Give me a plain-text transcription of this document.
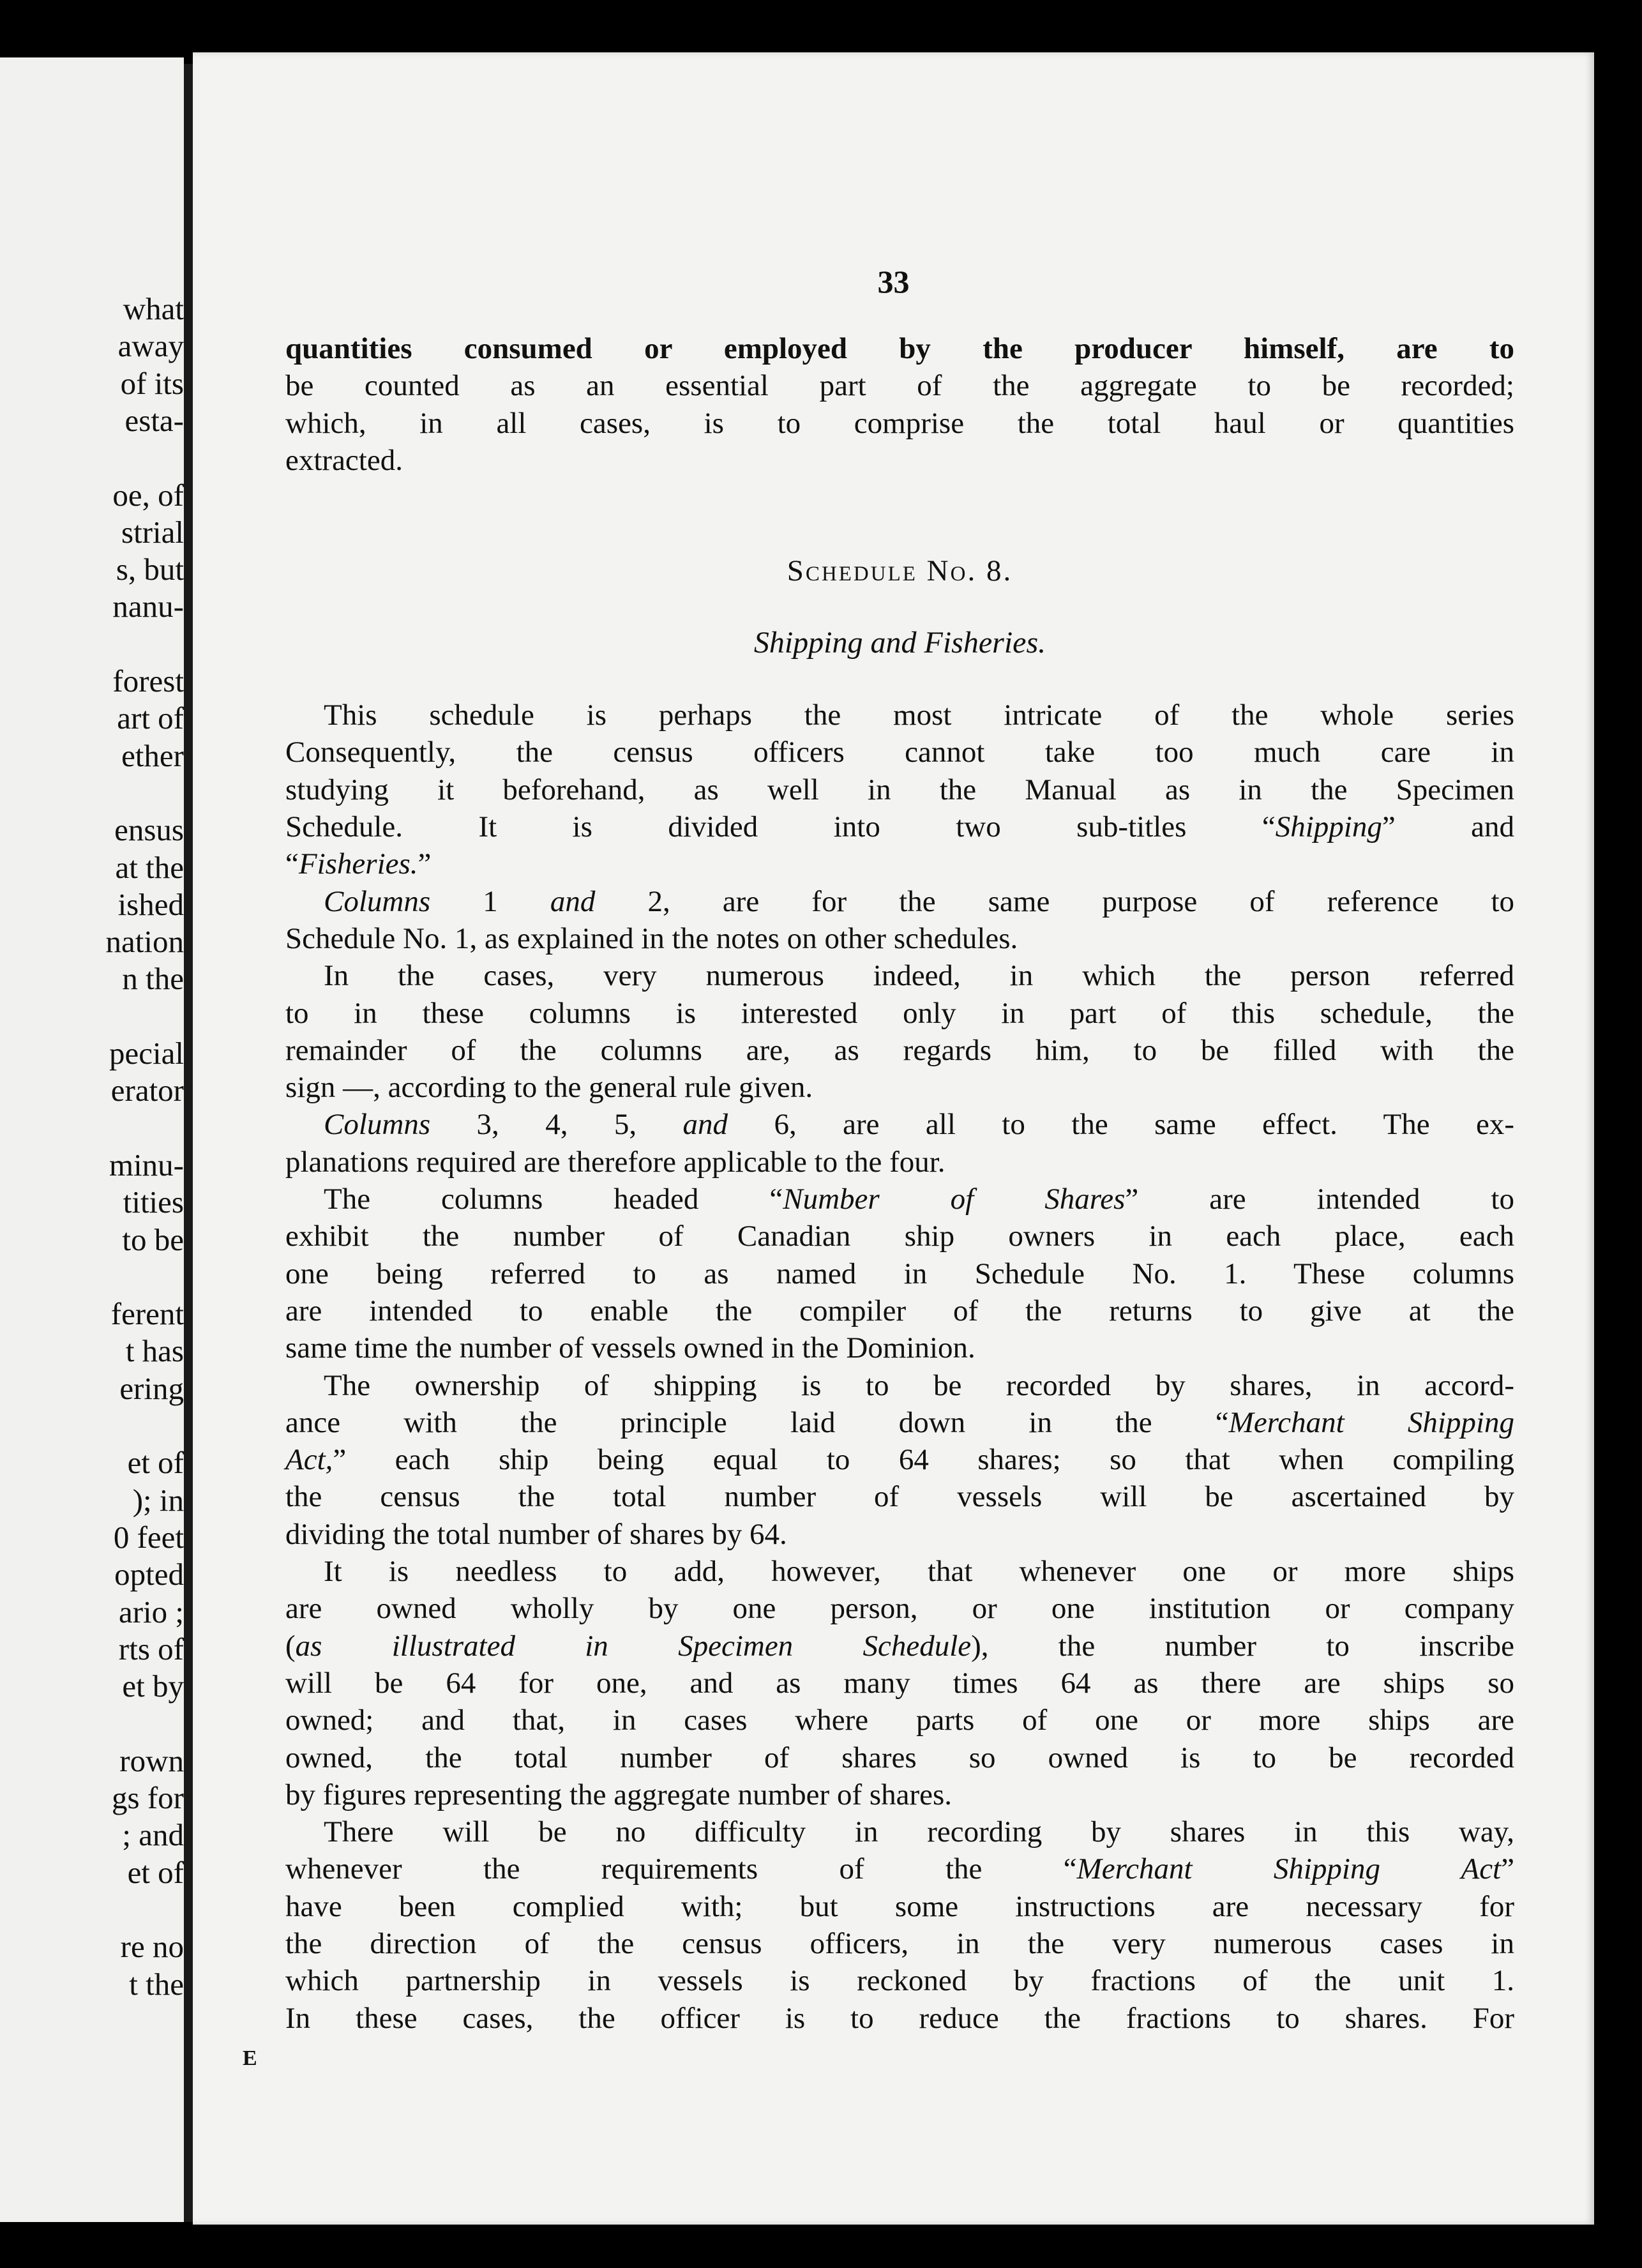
what
away
of its
esta-
oe, of
strial
s, but
nanu-
forest
art of
ether
ensus
at the
ished
nation
n the
pecial
erator
minu-
tities
to be
ferent
t has
ering
et of
); in
0 feet
opted
ario ;
rts of
et by
rown
gs for
; and
et of
re no
t the
33
quantities consumed or employed by the producer himself, are to
be counted as an essential part of the aggregate to be recorded;
which, in all cases, is to comprise the total haul or quantities
extracted.
Schedule No. 8.
Shipping and Fisheries.
This schedule is perhaps the most intricate of the whole series
Consequently, the census officers cannot take too much care in
studying it beforehand, as well in the Manual as in the Specimen
Schedule. It is divided into two sub-titles “Shipping” and
“Fisheries.”
Columns 1 and 2, are for the same purpose of reference to
Schedule No. 1, as explained in the notes on other schedules.
In the cases, very numerous indeed, in which the person referred
to in these columns is interested only in part of this schedule, the
remainder of the columns are, as regards him, to be filled with the
sign —, according to the general rule given.
Columns 3, 4, 5, and 6, are all to the same effect. The ex-
planations required are therefore applicable to the four.
The columns headed “Number of Shares” are intended to
exhibit the number of Canadian ship owners in each place, each
one being referred to as named in Schedule No. 1. These columns
are intended to enable the compiler of the returns to give at the
same time the number of vessels owned in the Dominion.
The ownership of shipping is to be recorded by shares, in accord-
ance with the principle laid down in the “Merchant Shipping
Act,” each ship being equal to 64 shares; so that when compiling
the census the total number of vessels will be ascertained by
dividing the total number of shares by 64.
It is needless to add, however, that whenever one or more ships
are owned wholly by one person, or one institution or company
(as illustrated in Specimen Schedule), the number to inscribe
will be 64 for one, and as many times 64 as there are ships so
owned; and that, in cases where parts of one or more ships are
owned, the total number of shares so owned is to be recorded
by figures representing the aggregate number of shares.
There will be no difficulty in recording by shares in this way,
whenever the requirements of the “Merchant Shipping Act”
have been complied with; but some instructions are necessary for
the direction of the census officers, in the very numerous cases in
which partnership in vessels is reckoned by fractions of the unit 1.
In these cases, the officer is to reduce the fractions to shares. For
E
